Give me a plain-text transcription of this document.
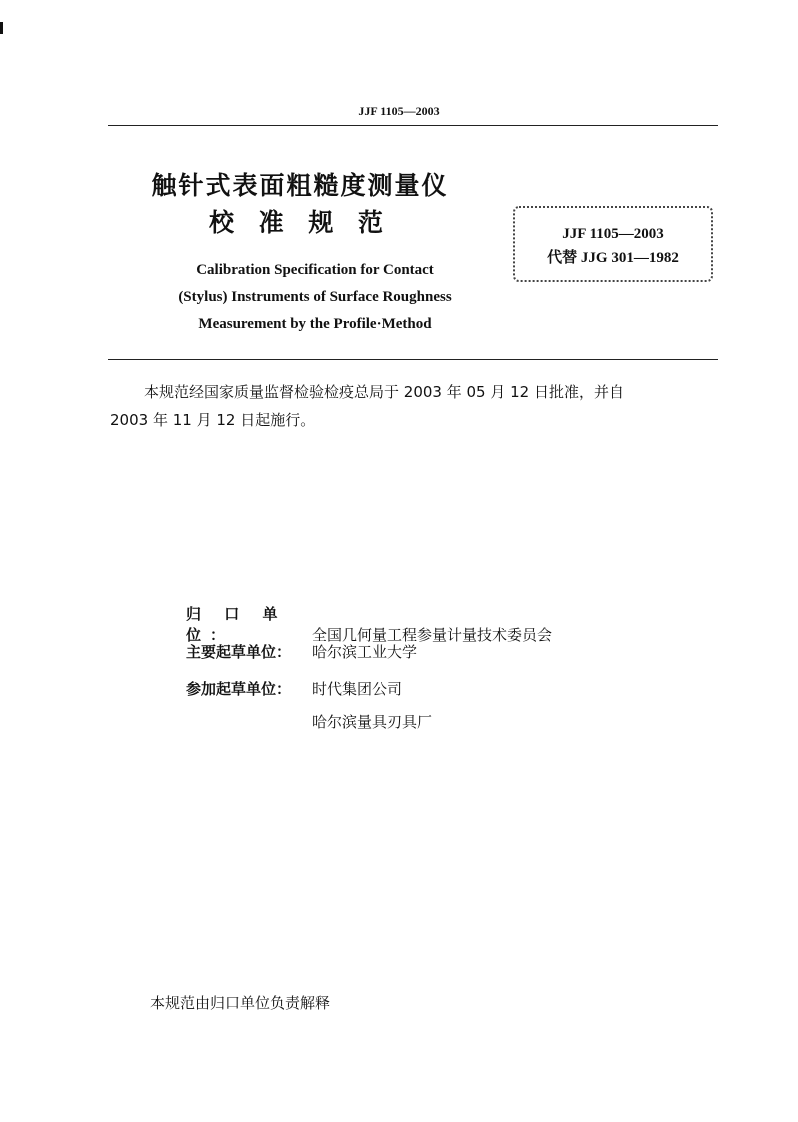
JJF 1105—2003
触针式表面粗糙度测量仪
校 准 规 范
Calibration Specification for Contact
(Stylus) Instruments of Surface Roughness
Measurement by the Profile·Method
JJF 1105—2003
代替 JJG 301—1982
本规范经国家质量监督检验检疫总局于 2003 年 05 月 12 日批准，并自
2003 年 11 月 12 日起施行。
归 口 单 位：	全国几何量工程参量计量技术委员会
主要起草单位： 哈尔滨工业大学
参加起草单位： 时代集团公司
哈尔滨量具刃具厂
本规范由归口单位负责解释
